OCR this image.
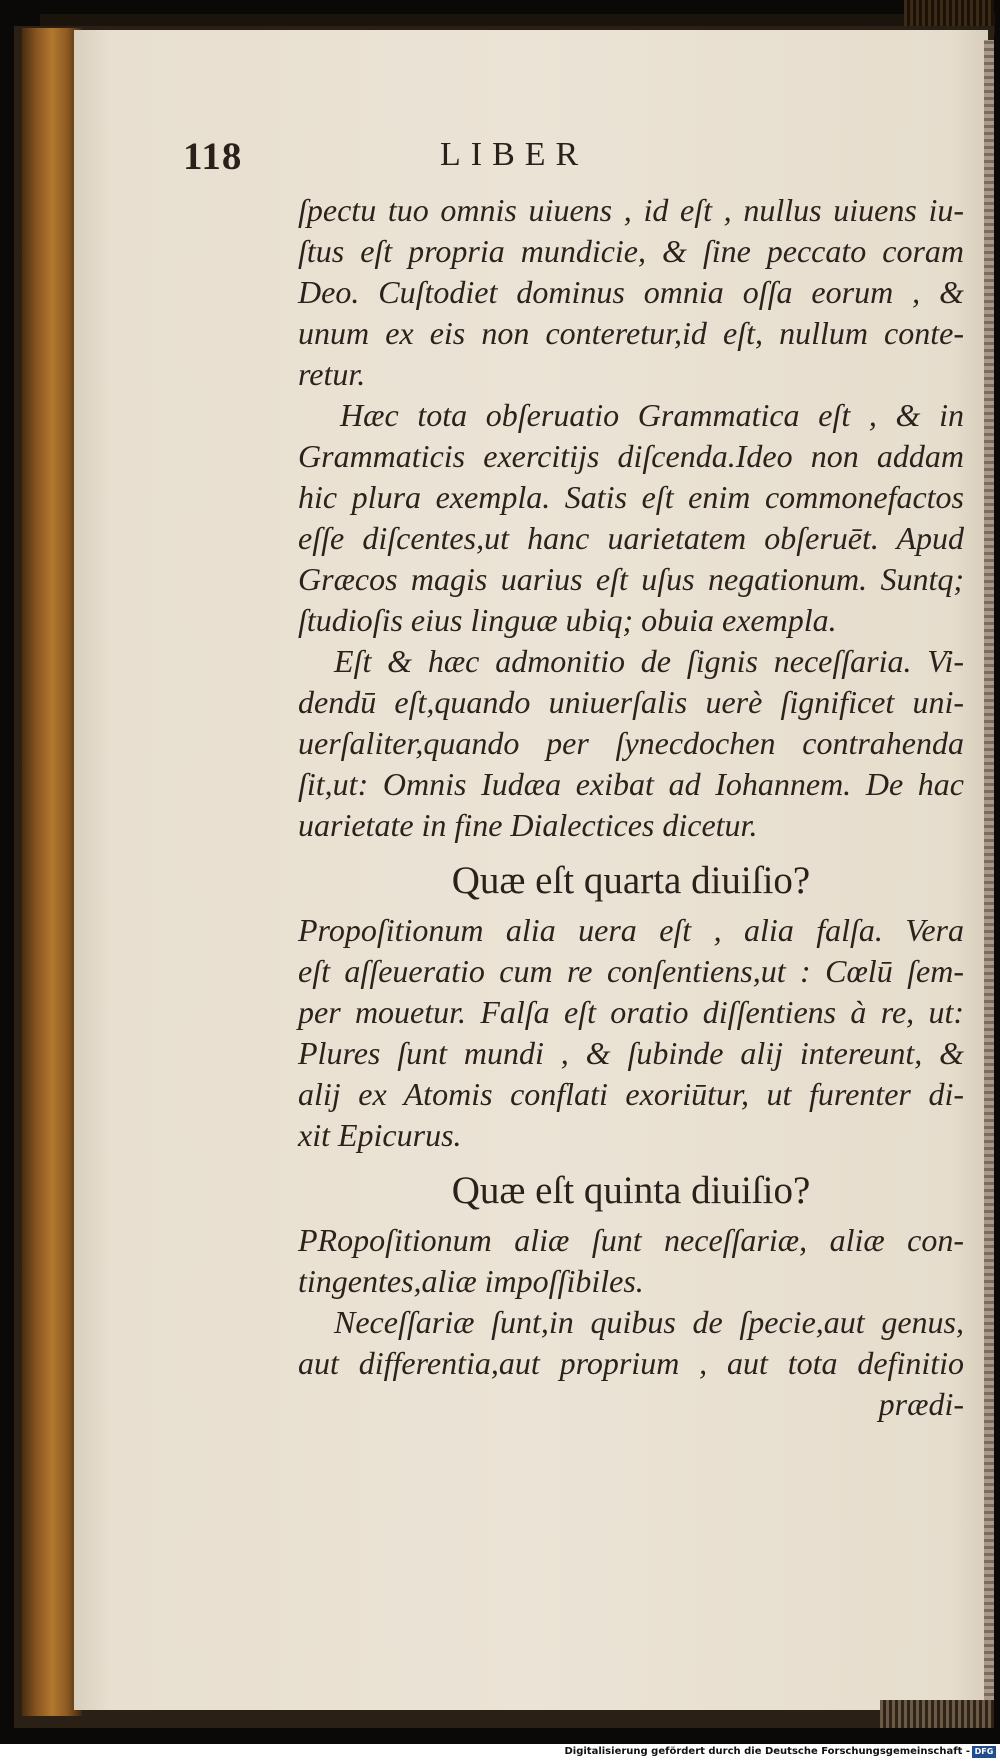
118	LIBER
ſpectu tuo omnis uiuens , id eſt , nullus uiuens iu-
ſtus eſt propria mundicie, & ſine peccato coram
Deo. Cuſtodiet dominus omnia oſſa eorum , &
unum ex eis non conteretur,id eſt, nullum conte-
retur.
Hæc tota obſeruatio Grammatica eſt , & in
Grammaticis exercitijs diſcenda.Ideo non addam
hic plura exempla. Satis eſt enim commonefactos
eſſe diſcentes,ut hanc uarietatem obſeruēt. Apud
Græcos magis uarius eſt uſus negationum. Suntq;
ſtudioſis eius linguæ ubiq; obuia exempla.
Eſt & hæc admonitio de ſignis neceſſaria. Vi-
dendū eſt,quando uniuerſalis uerè ſignificet uni-
uerſaliter,quando per ſynecdochen contrahenda
ſit,ut: Omnis Iudæa exibat ad Iohannem. De hac
uarietate in fine Dialectices dicetur.
Quæ eſt quarta diuiſio?
Propoſitionum alia uera eſt , alia falſa. Vera
eſt aſſeueratio cum re conſentiens,ut : Cœlū ſem-
per mouetur. Falſa eſt oratio diſſentiens à re, ut:
Plures ſunt mundi , & ſubinde alij intereunt, &
alij ex Atomis conflati exoriūtur, ut furenter di-
xit Epicurus.
Quæ eſt quinta diuiſio?
PRopoſitionum aliæ ſunt neceſſariæ, aliæ con-
tingentes,aliæ impoſſibiles.
Neceſſariæ ſunt,in quibus de ſpecie,aut genus,
aut differentia,aut proprium , aut tota definitio
prædi-
Digitalisierung gefördert durch die Deutsche Forschungsgemeinschaft - DFG
